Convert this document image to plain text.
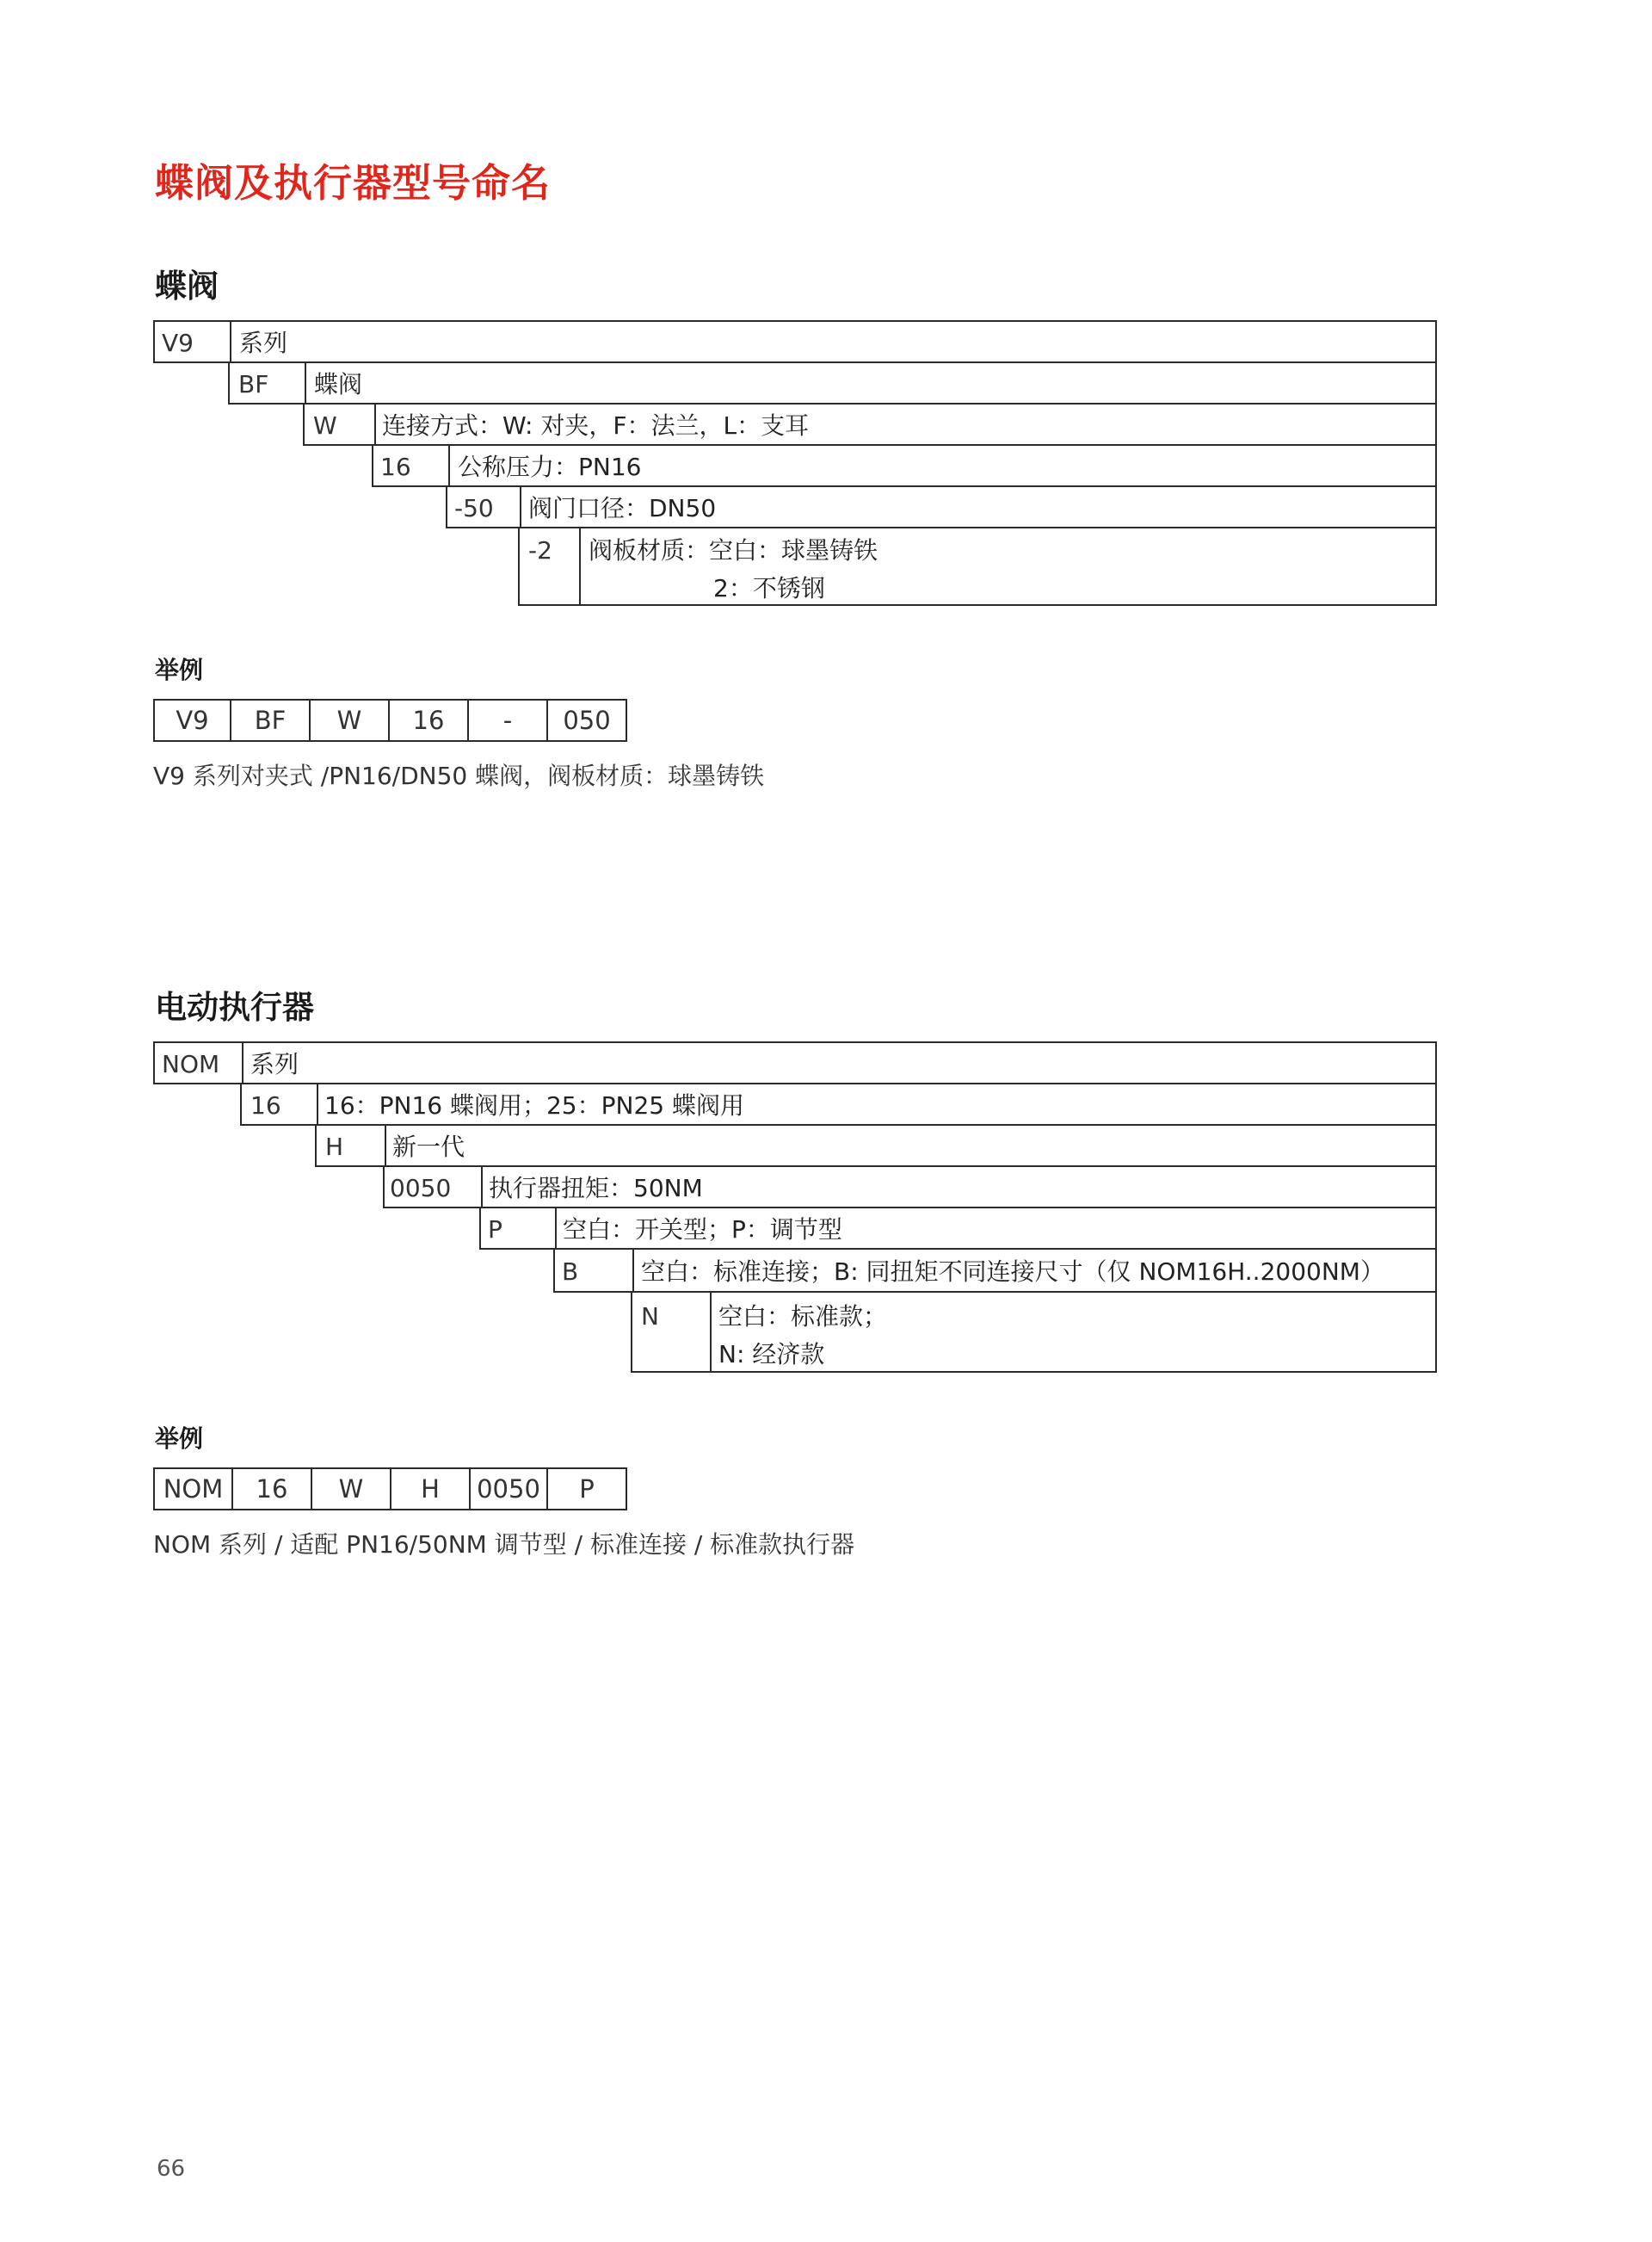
蝶阀及执行器型号命名
蝶阀
V9 系列
BF 蝶阀
W 连接方式：W: 对夹，F：法兰，L：支耳
16 公称压力：PN16
-50 阀门口径：DN50
-2 阀板材质：空白：球墨铸铁
2：不锈钢
举例
V9	BF	W	16	-	050
V9 系列对夹式 /PN16/DN50 蝶阀，阀板材质：球墨铸铁
电动执行器
NOM 系列
16 16：PN16 蝶阀用；25：PN25 蝶阀用
H 新一代
0050 执行器扭矩：50NM
P	空白：开关型；P：调节型
B	空白：标准连接；B: 同扭矩不同连接尺寸（仅 NOM16H..2000NM）
N 空白：标准款；
N: 经济款
举例
NOM	16	W	H	0050	P
NOM 系列 / 适配 PN16/50NM 调节型 / 标准连接 / 标准款执行器
66
